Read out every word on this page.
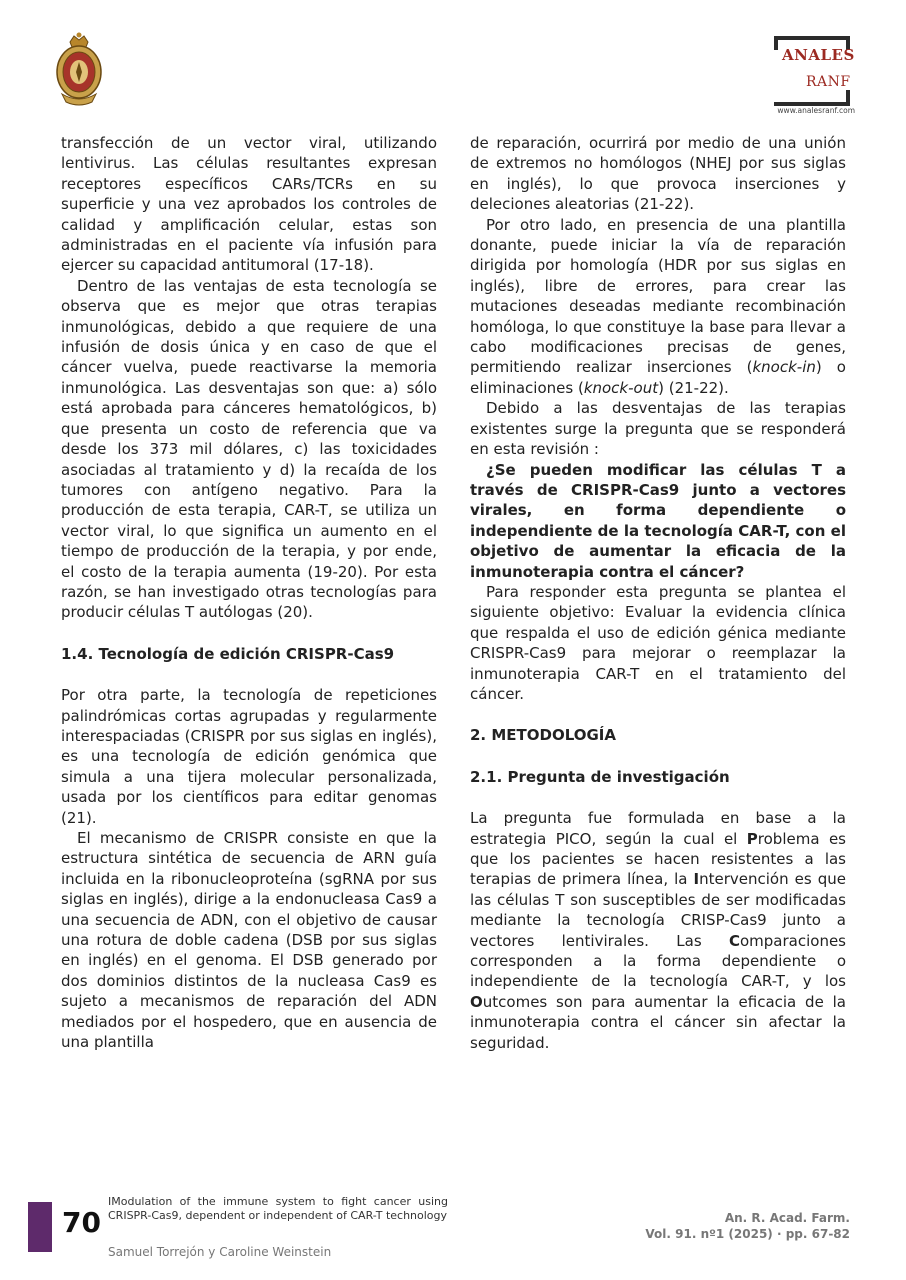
ANALES
RANF
www.analesranf.com

transfección de un vector viral, utilizando lentivirus. Las células resultantes expresan receptores específicos CARs/TCRs en su superficie y una vez aprobados los controles de calidad y amplificación celular, estas son administradas en el paciente vía infusión para ejercer su capacidad antitumoral (17-18).

Dentro de las ventajas de esta tecnología se observa que es mejor que otras terapias inmunológicas, debido a que requiere de una infusión de dosis única y en caso de que el cáncer vuelva, puede reactivarse la memoria inmunológica. Las desventajas son que: a) sólo está aprobada para cánceres hematológicos, b) que presenta un costo de referencia que va desde los 373 mil dólares, c) las toxicidades asociadas al tratamiento y d) la recaída de los tumores con antígeno negativo. Para la producción de esta terapia, CAR-T, se utiliza un vector viral, lo que significa un aumento en el tiempo de producción de la terapia, y por ende, el costo de la terapia aumenta (19-20). Por esta razón, se han investigado otras tecnologías para producir células T autólogas (20).

1.4. Tecnología de edición CRISPR-Cas9

Por otra parte, la tecnología de repeticiones palindrómicas cortas agrupadas y regularmente interespaciadas (CRISPR por sus siglas en inglés), es una tecnología de edición genómica que simula a una tijera molecular personalizada, usada por los científicos para editar genomas (21).

El mecanismo de CRISPR consiste en que la estructura sintética de secuencia de ARN guía incluida en la ribonucleoproteína (sgRNA por sus siglas en inglés), dirige a la endonucleasa Cas9 a una secuencia de ADN, con el objetivo de causar una rotura de doble cadena (DSB por sus siglas en inglés) en el genoma. El DSB generado por dos dominios distintos de la nucleasa Cas9 es sujeto a mecanismos de reparación del ADN mediados por el hospedero, que en ausencia de una plantilla

de reparación, ocurrirá por medio de una unión de extremos no homólogos (NHEJ por sus siglas en inglés), lo que provoca inserciones y deleciones aleatorias (21-22).

Por otro lado, en presencia de una plantilla donante, puede iniciar la vía de reparación dirigida por homología (HDR por sus siglas en inglés), libre de errores, para crear las mutaciones deseadas mediante recombinación homóloga, lo que constituye la base para llevar a cabo modificaciones precisas de genes, permitiendo realizar inserciones (knock-in) o eliminaciones (knock-out) (21-22).

Debido a las desventajas de las terapias existentes surge la pregunta que se responderá en esta revisión :

¿Se pueden modificar las células T a través de CRISPR-Cas9 junto a vectores virales, en forma dependiente o independiente de la tecnología CAR-T, con el objetivo de aumentar la eficacia de la inmunoterapia contra el cáncer?

Para responder esta pregunta se plantea el siguiente objetivo: Evaluar la evidencia clínica que respalda el uso de edición génica mediante CRISPR-Cas9 para mejorar o reemplazar la inmunoterapia CAR-T en el tratamiento del cáncer.

2. METODOLOGÍA
2.1. Pregunta de investigación

La pregunta fue formulada en base a la estrategia PICO, según la cual el Problema es que los pacientes se hacen resistentes a las terapias de primera línea, la Intervención es que las células T son susceptibles de ser modificadas mediante la tecnología CRISP-Cas9 junto a vectores lentivirales. Las Comparaciones corresponden a la forma dependiente o independiente de la tecnología CAR-T, y los Outcomes son para aumentar la eficacia de la inmunoterapia contra el cáncer sin afectar la seguridad.

70
IModulation of the immune system to fight cancer using CRISPR-Cas9, dependent or independent of CAR-T technology
Samuel Torrejón y Caroline Weinstein
An. R. Acad. Farm.
Vol. 91. nº1 (2025) · pp. 67-82
